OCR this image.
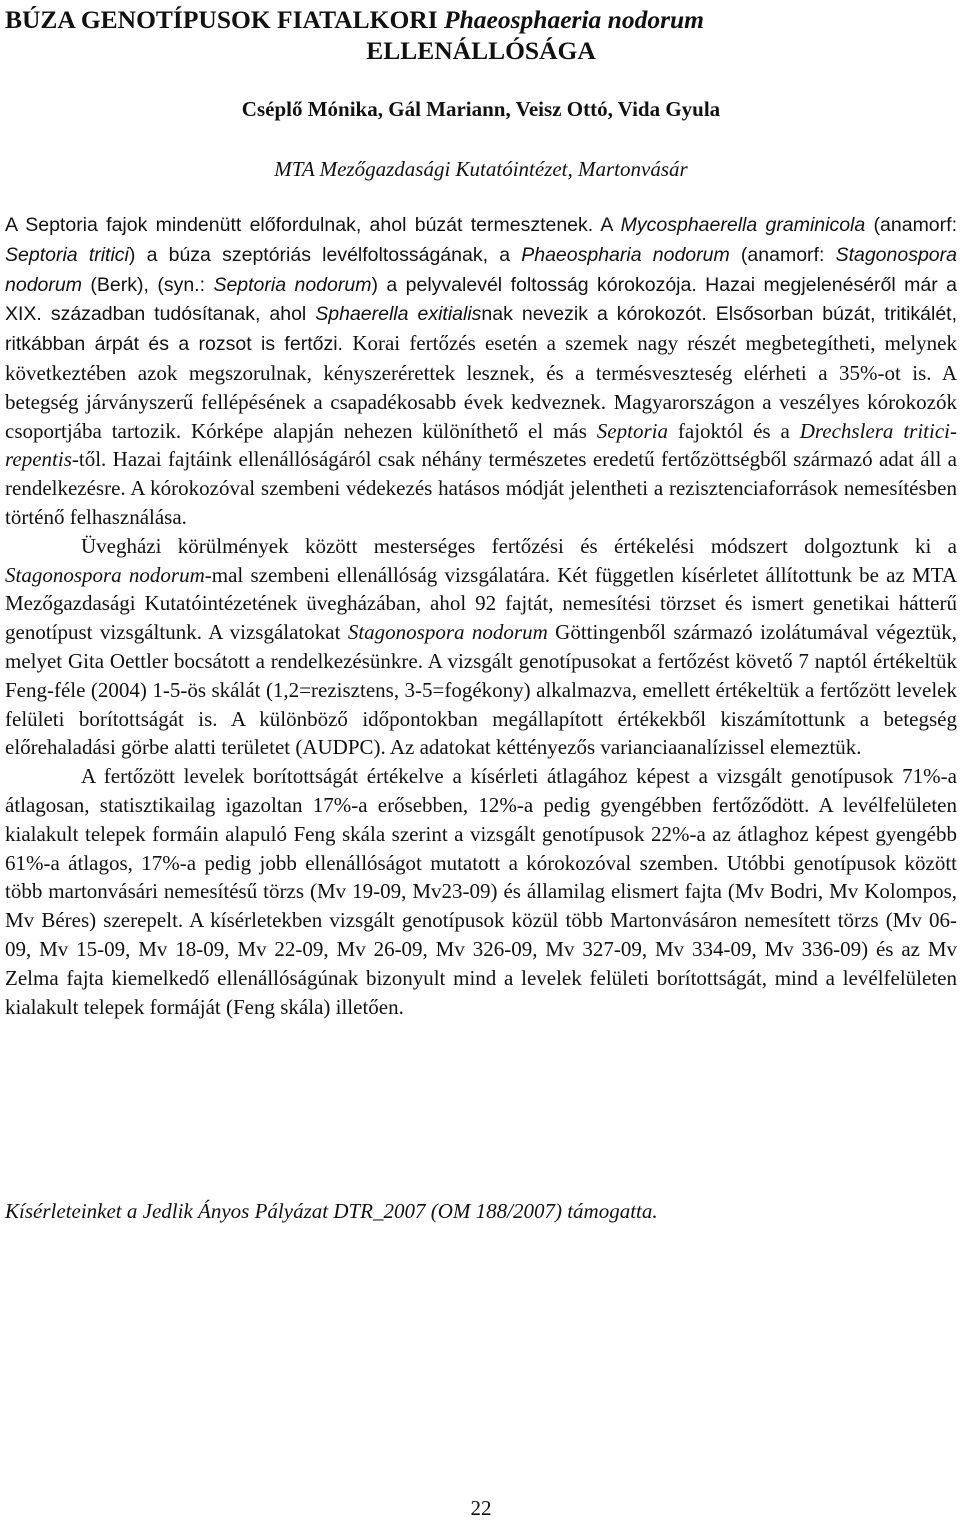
BÚZA GENOTÍPUSOK FIATALKORI Phaeosphaeria nodorum
ELLENÁLLÓSÁGA
Cséplő Mónika, Gál Mariann, Veisz Ottó, Vida Gyula
MTA Mezőgazdasági Kutatóintézet, Martonvásár

A Septoria fajok mindenütt előfordulnak, ahol búzát termesztenek. A Mycosphaerella graminicola (anamorf: Septoria tritici) a búza szeptóriás levélfoltosságának, a Phaeospharia nodorum (anamorf: Stagonospora nodorum (Berk), (syn.: Septoria nodorum) a pelyvalevél foltosság kórokozója. Hazai megjelenéséről már a XIX. században tudósítanak, ahol Sphaerella exitialisnak nevezik a kórokozót. Elsősorban búzát, tritikálét, ritkábban árpát és a rozsot is fertőzi. Korai fertőzés esetén a szemek nagy részét megbetegítheti, melynek következtében azok megszorulnak, kényszerérettek lesznek, és a termésveszteség elérheti a 35%-ot is. A betegség járványszerű fellépésének a csapadékosabb évek kedveznek. Magyarországon a veszélyes kórokozók csoportjába tartozik. Kórképe alapján nehezen különíthető el más Septoria fajoktól és a Drechslera tritici-repentis-től. Hazai fajtáink ellenállóságáról csak néhány természetes eredetű fertőzöttségből származó adat áll a rendelkezésre. A kórokozóval szembeni védekezés hatásos módját jelentheti a rezisztenciaforrások nemesítésben történő felhasználása.

Üvegházi körülmények között mesterséges fertőzési és értékelési módszert dolgoztunk ki a Stagonospora nodorum-mal szembeni ellenállóság vizsgálatára. Két független kísérletet állítottunk be az MTA Mezőgazdasági Kutatóintézetének üvegházában, ahol 92 fajtát, nemesítési törzset és ismert genetikai hátterű genotípust vizsgáltunk. A vizsgálatokat Stagonospora nodorum Göttingenből származó izolátumával végeztük, melyet Gita Oettler bocsátott a rendelkezésünkre. A vizsgált genotípusokat a fertőzést követő 7 naptól értékeltük Feng-féle (2004) 1-5-ös skálát (1,2=rezisztens, 3-5=fogékony) alkalmazva, emellett értékeltük a fertőzött levelek felületi borítottságát is. A különböző időpontokban megállapított értékekből kiszámítottunk a betegség előrehaladási görbe alatti területet (AUDPC). Az adatokat kéttényezős varianciaanalízissel elemeztük.

A fertőzött levelek borítottságát értékelve a kísérleti átlagához képest a vizsgált genotípusok 71%-a átlagosan, statisztikailag igazoltan 17%-a erősebben, 12%-a pedig gyengébben fertőződött. A levélfelületen kialakult telepek formáin alapuló Feng skála szerint a vizsgált genotípusok 22%-a az átlaghoz képest gyengébb 61%-a átlagos, 17%-a pedig jobb ellenállóságot mutatott a kórokozóval szemben. Utóbbi genotípusok között több martonvásári nemesítésű törzs (Mv 19-09, Mv23-09) és államilag elismert fajta (Mv Bodri, Mv Kolompos, Mv Béres) szerepelt. A kísérletekben vizsgált genotípusok közül több Martonvásáron nemesített törzs (Mv 06-09, Mv 15-09, Mv 18-09, Mv 22-09, Mv 26-09, Mv 326-09, Mv 327-09, Mv 334-09, Mv 336-09) és az Mv Zelma fajta kiemelkedő ellenállóságúnak bizonyult mind a levelek felületi borítottságát, mind a levélfelületen kialakult telepek formáját (Feng skála) illetően.

Kísérleteinket a Jedlik Ányos Pályázat DTR_2007 (OM 188/2007) támogatta.
22
